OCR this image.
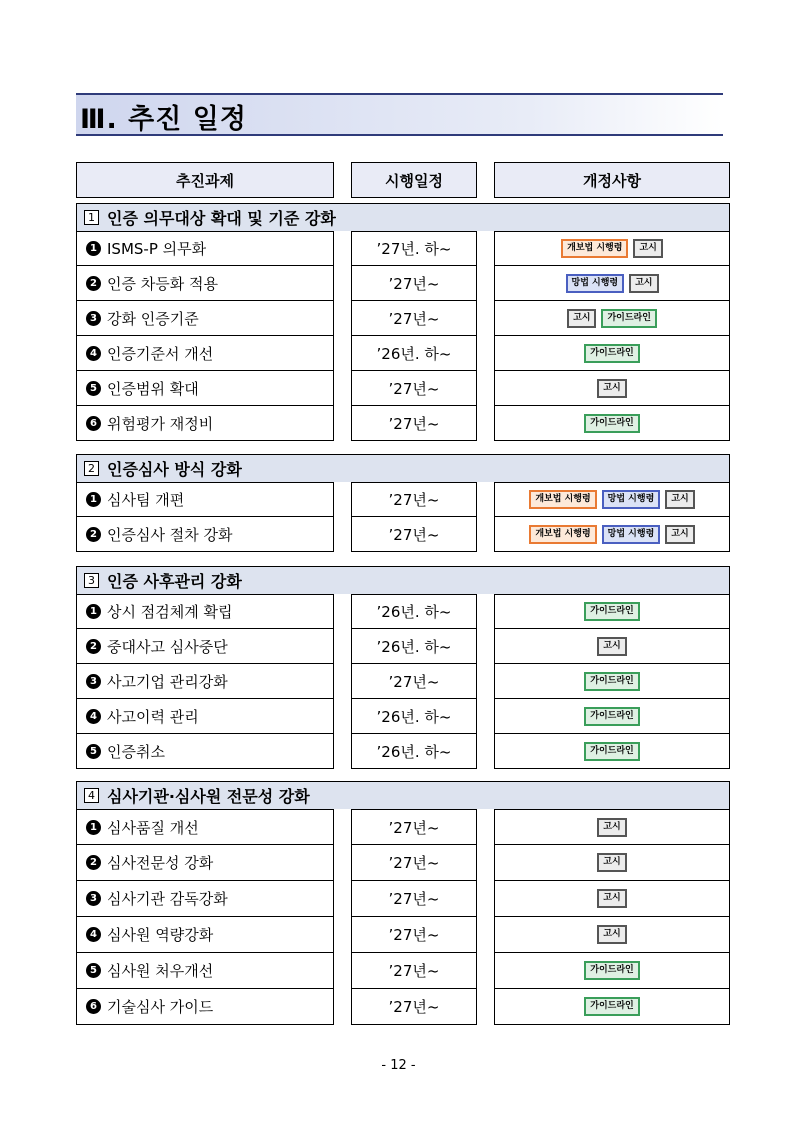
Ⅲ. 추진 일정
추진과제	시행일정	개정사항
1 인증 의무대상 확대 및 기준 강화
1 ISMS-P 의무화	’27년. 하~	개보법 시행령	고시
2 인증 차등화 적용	’27년~	망법 시행령	고시
3 강화 인증기준	’27년~	고시	가이드라인
4 인증기준서 개선	’26년. 하~	가이드라인
5 인증범위 확대	’27년~	고시
6 위험평가 재정비	’27년~	가이드라인
2 인증심사 방식 강화
1 심사팀 개편	’27년~	개보법 시행령	망법 시행령	고시
2 인증심사 절차 강화	’27년~	개보법 시행령	망법 시행령	고시
3 인증 사후관리 강화
1 상시 점검체계 확립	’26년. 하~	가이드라인
2 중대사고 심사중단	’26년. 하~	고시
3 사고기업 관리강화	’27년~	가이드라인
4 사고이력 관리	’26년. 하~	가이드라인
5 인증취소	’26년. 하~	가이드라인
4 심사기관·심사원 전문성 강화
1 심사품질 개선	’27년~	고시
2 심사전문성 강화	’27년~	고시
3 심사기관 감독강화	’27년~	고시
4 심사원 역량강화	’27년~	고시
5 심사원 처우개선	’27년~	가이드라인
6 기술심사 가이드	’27년~	가이드라인
- 12 -
